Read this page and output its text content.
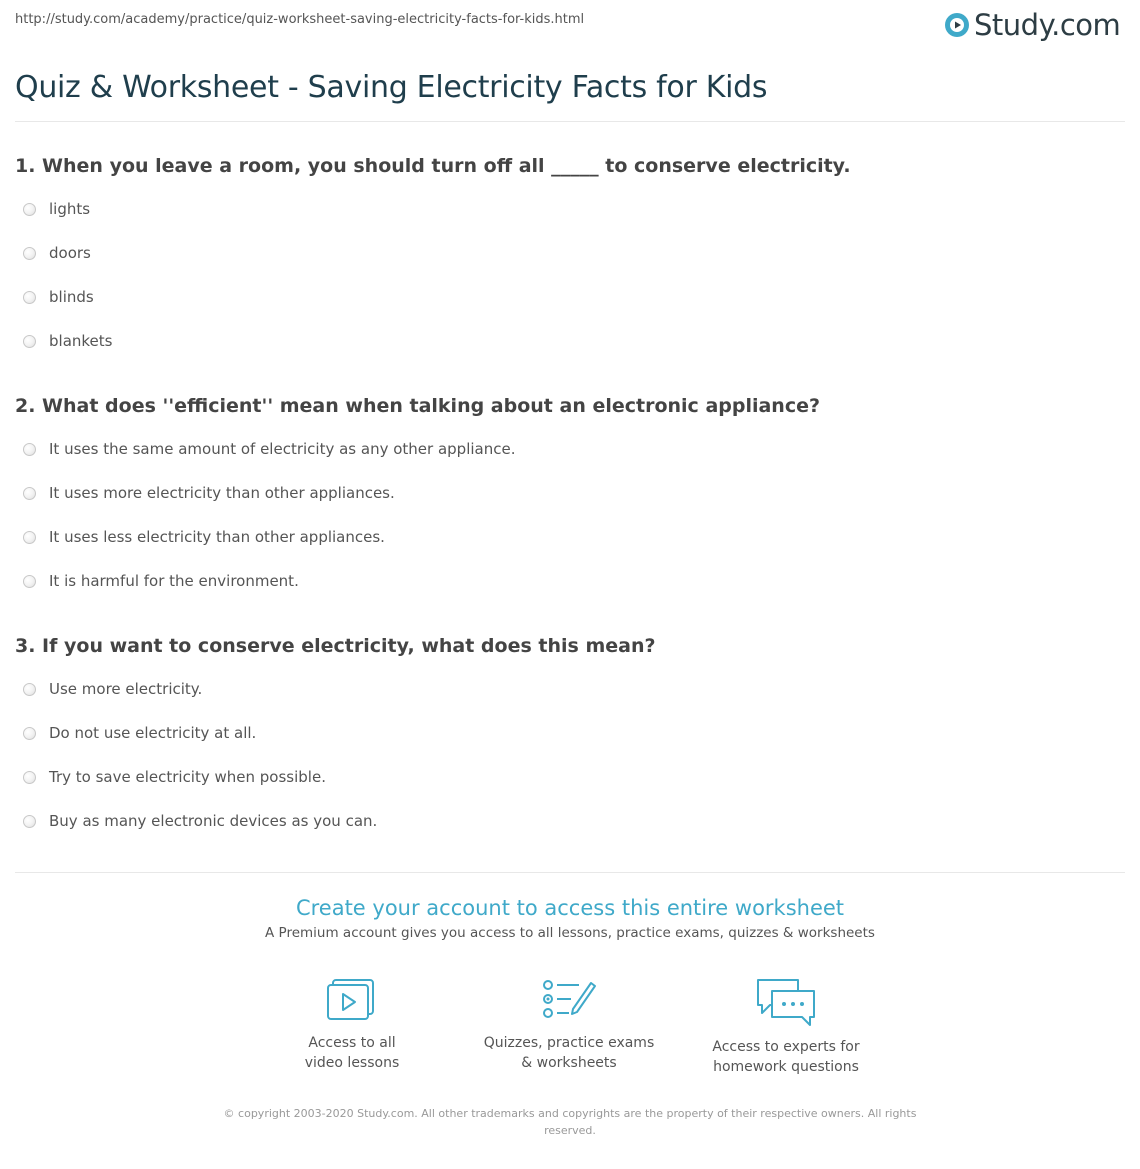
http://study.com/academy/practice/quiz-worksheet-saving-electricity-facts-for-kids.html	Study.com
Quiz & Worksheet - Saving Electricity Facts for Kids
1. When you leave a room, you should turn off all _____ to conserve electricity.
lights
doors
blinds
blankets
2. What does ''efficient'' mean when talking about an electronic appliance?
It uses the same amount of electricity as any other appliance.
It uses more electricity than other appliances.
It uses less electricity than other appliances.
It is harmful for the environment.
3. If you want to conserve electricity, what does this mean?
Use more electricity.
Do not use electricity at all.
Try to save electricity when possible.
Buy as many electronic devices as you can.
Create your account to access this entire worksheet
A Premium account gives you access to all lessons, practice exams, quizzes & worksheets
Access to all
video lessons
Quizzes, practice exams
& worksheets
Access to experts for
homework questions
© copyright 2003-2020 Study.com. All other trademarks and copyrights are the property of their respective owners. All rights
reserved.
